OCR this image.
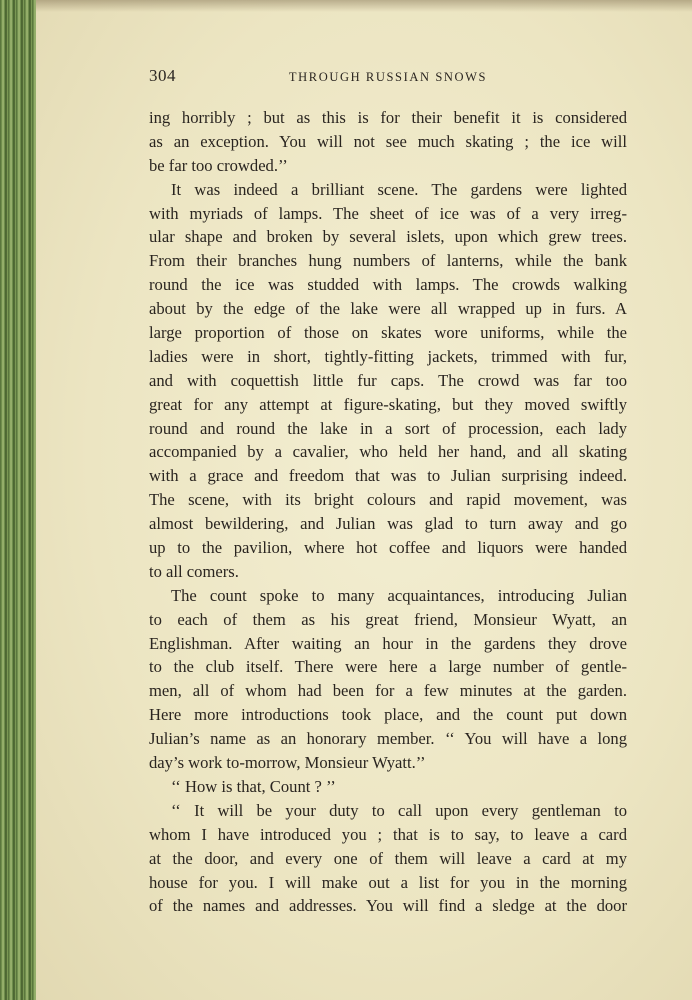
304	THROUGH RUSSIAN SNOWS
ing horribly ; but as this is for their benefit it is considered
as an exception. You will not see much skating ; the ice will
be far too crowded.’’
It was indeed a brilliant scene. The gardens were lighted
with myriads of lamps. The sheet of ice was of a very irreg-
ular shape and broken by several islets, upon which grew trees.
From their branches hung numbers of lanterns, while the bank
round the ice was studded with lamps. The crowds walking
about by the edge of the lake were all wrapped up in furs. A
large proportion of those on skates wore uniforms, while the
ladies were in short, tightly-fitting jackets, trimmed with fur,
and with coquettish little fur caps. The crowd was far too
great for any attempt at figure-skating, but they moved swiftly
round and round the lake in a sort of procession, each lady
accompanied by a cavalier, who held her hand, and all skating
with a grace and freedom that was to Julian surprising indeed.
The scene, with its bright colours and rapid movement, was
almost bewildering, and Julian was glad to turn away and go
up to the pavilion, where hot coffee and liquors were handed
to all comers.
The count spoke to many acquaintances, introducing Julian
to each of them as his great friend, Monsieur Wyatt, an
Englishman. After waiting an hour in the gardens they drove
to the club itself. There were here a large number of gentle-
men, all of whom had been for a few minutes at the garden.
Here more introductions took place, and the count put down
Julian’s name as an honorary member. ‘‘ You will have a long
day’s work to-morrow, Monsieur Wyatt.’’
‘‘ How is that, Count ? ’’
‘‘ It will be your duty to call upon every gentleman to
whom I have introduced you ; that is to say, to leave a card
at the door, and every one of them will leave a card at my
house for you. I will make out a list for you in the morning
of the names and addresses. You will find a sledge at the door
